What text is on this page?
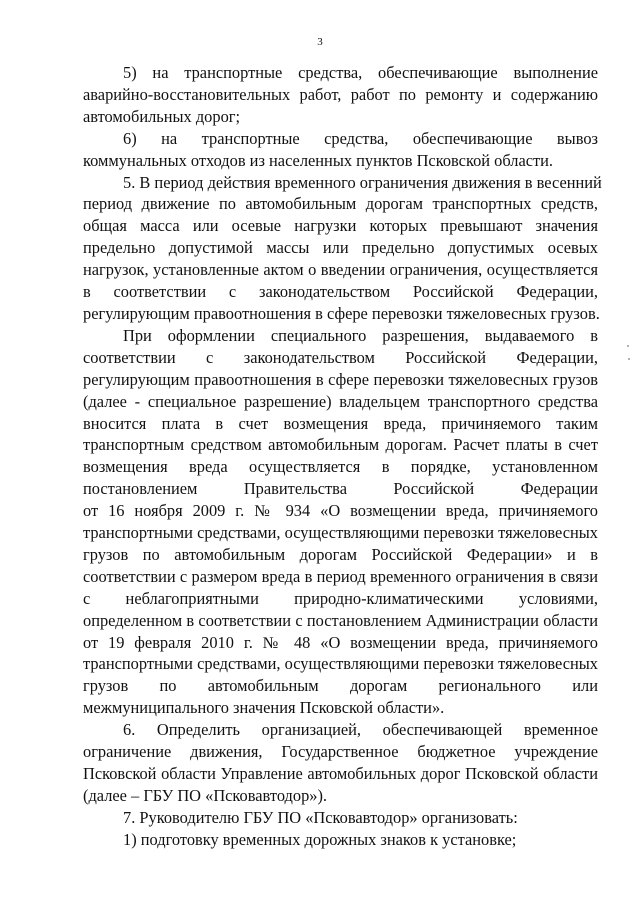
3

5) на транспортные средства, обеспечивающие выполнение
аварийно-восстановительных работ, работ по ремонту и содержанию
автомобильных дорог;

6) на транспортные средства, обеспечивающие вывоз
коммунальных отходов из населенных пунктов Псковской области.

5. В период действия временного ограничения движения в весенний
период движение по автомобильным дорогам транспортных средств,
общая масса или осевые нагрузки которых превышают значения
предельно допустимой массы или предельно допустимых осевых
нагрузок, установленные актом о введении ограничения, осуществляется
в соответствии с законодательством Российской Федерации,
регулирующим правоотношения в сфере перевозки тяжеловесных грузов.

При оформлении специального разрешения, выдаваемого в
соответствии с законодательством Российской Федерации,
регулирующим правоотношения в сфере перевозки тяжеловесных грузов
(далее - специальное разрешение) владельцем транспортного средства
вносится плата в счет возмещения вреда, причиняемого таким
транспортным средством автомобильным дорогам. Расчет платы в счет
возмещения вреда осуществляется в порядке, установленном
постановлением Правительства Российской Федерации
от 16 ноября 2009 г. № 934 «О возмещении вреда, причиняемого
транспортными средствами, осуществляющими перевозки тяжеловесных
грузов по автомобильным дорогам Российской Федерации» и в
соответствии с размером вреда в период временного ограничения в связи
с неблагоприятными природно-климатическими условиями,
определенном в соответствии с постановлением Администрации области
от 19 февраля 2010 г. № 48 «О возмещении вреда, причиняемого
транспортными средствами, осуществляющими перевозки тяжеловесных
грузов по автомобильным дорогам регионального или
межмуниципального значения Псковской области».

6. Определить организацией, обеспечивающей временное
ограничение движения, Государственное бюджетное учреждение
Псковской области Управление автомобильных дорог Псковской области
(далее – ГБУ ПО «Псковавтодор»).

7. Руководителю ГБУ ПО «Псковавтодор» организовать:

1) подготовку временных дорожных знаков к установке;
